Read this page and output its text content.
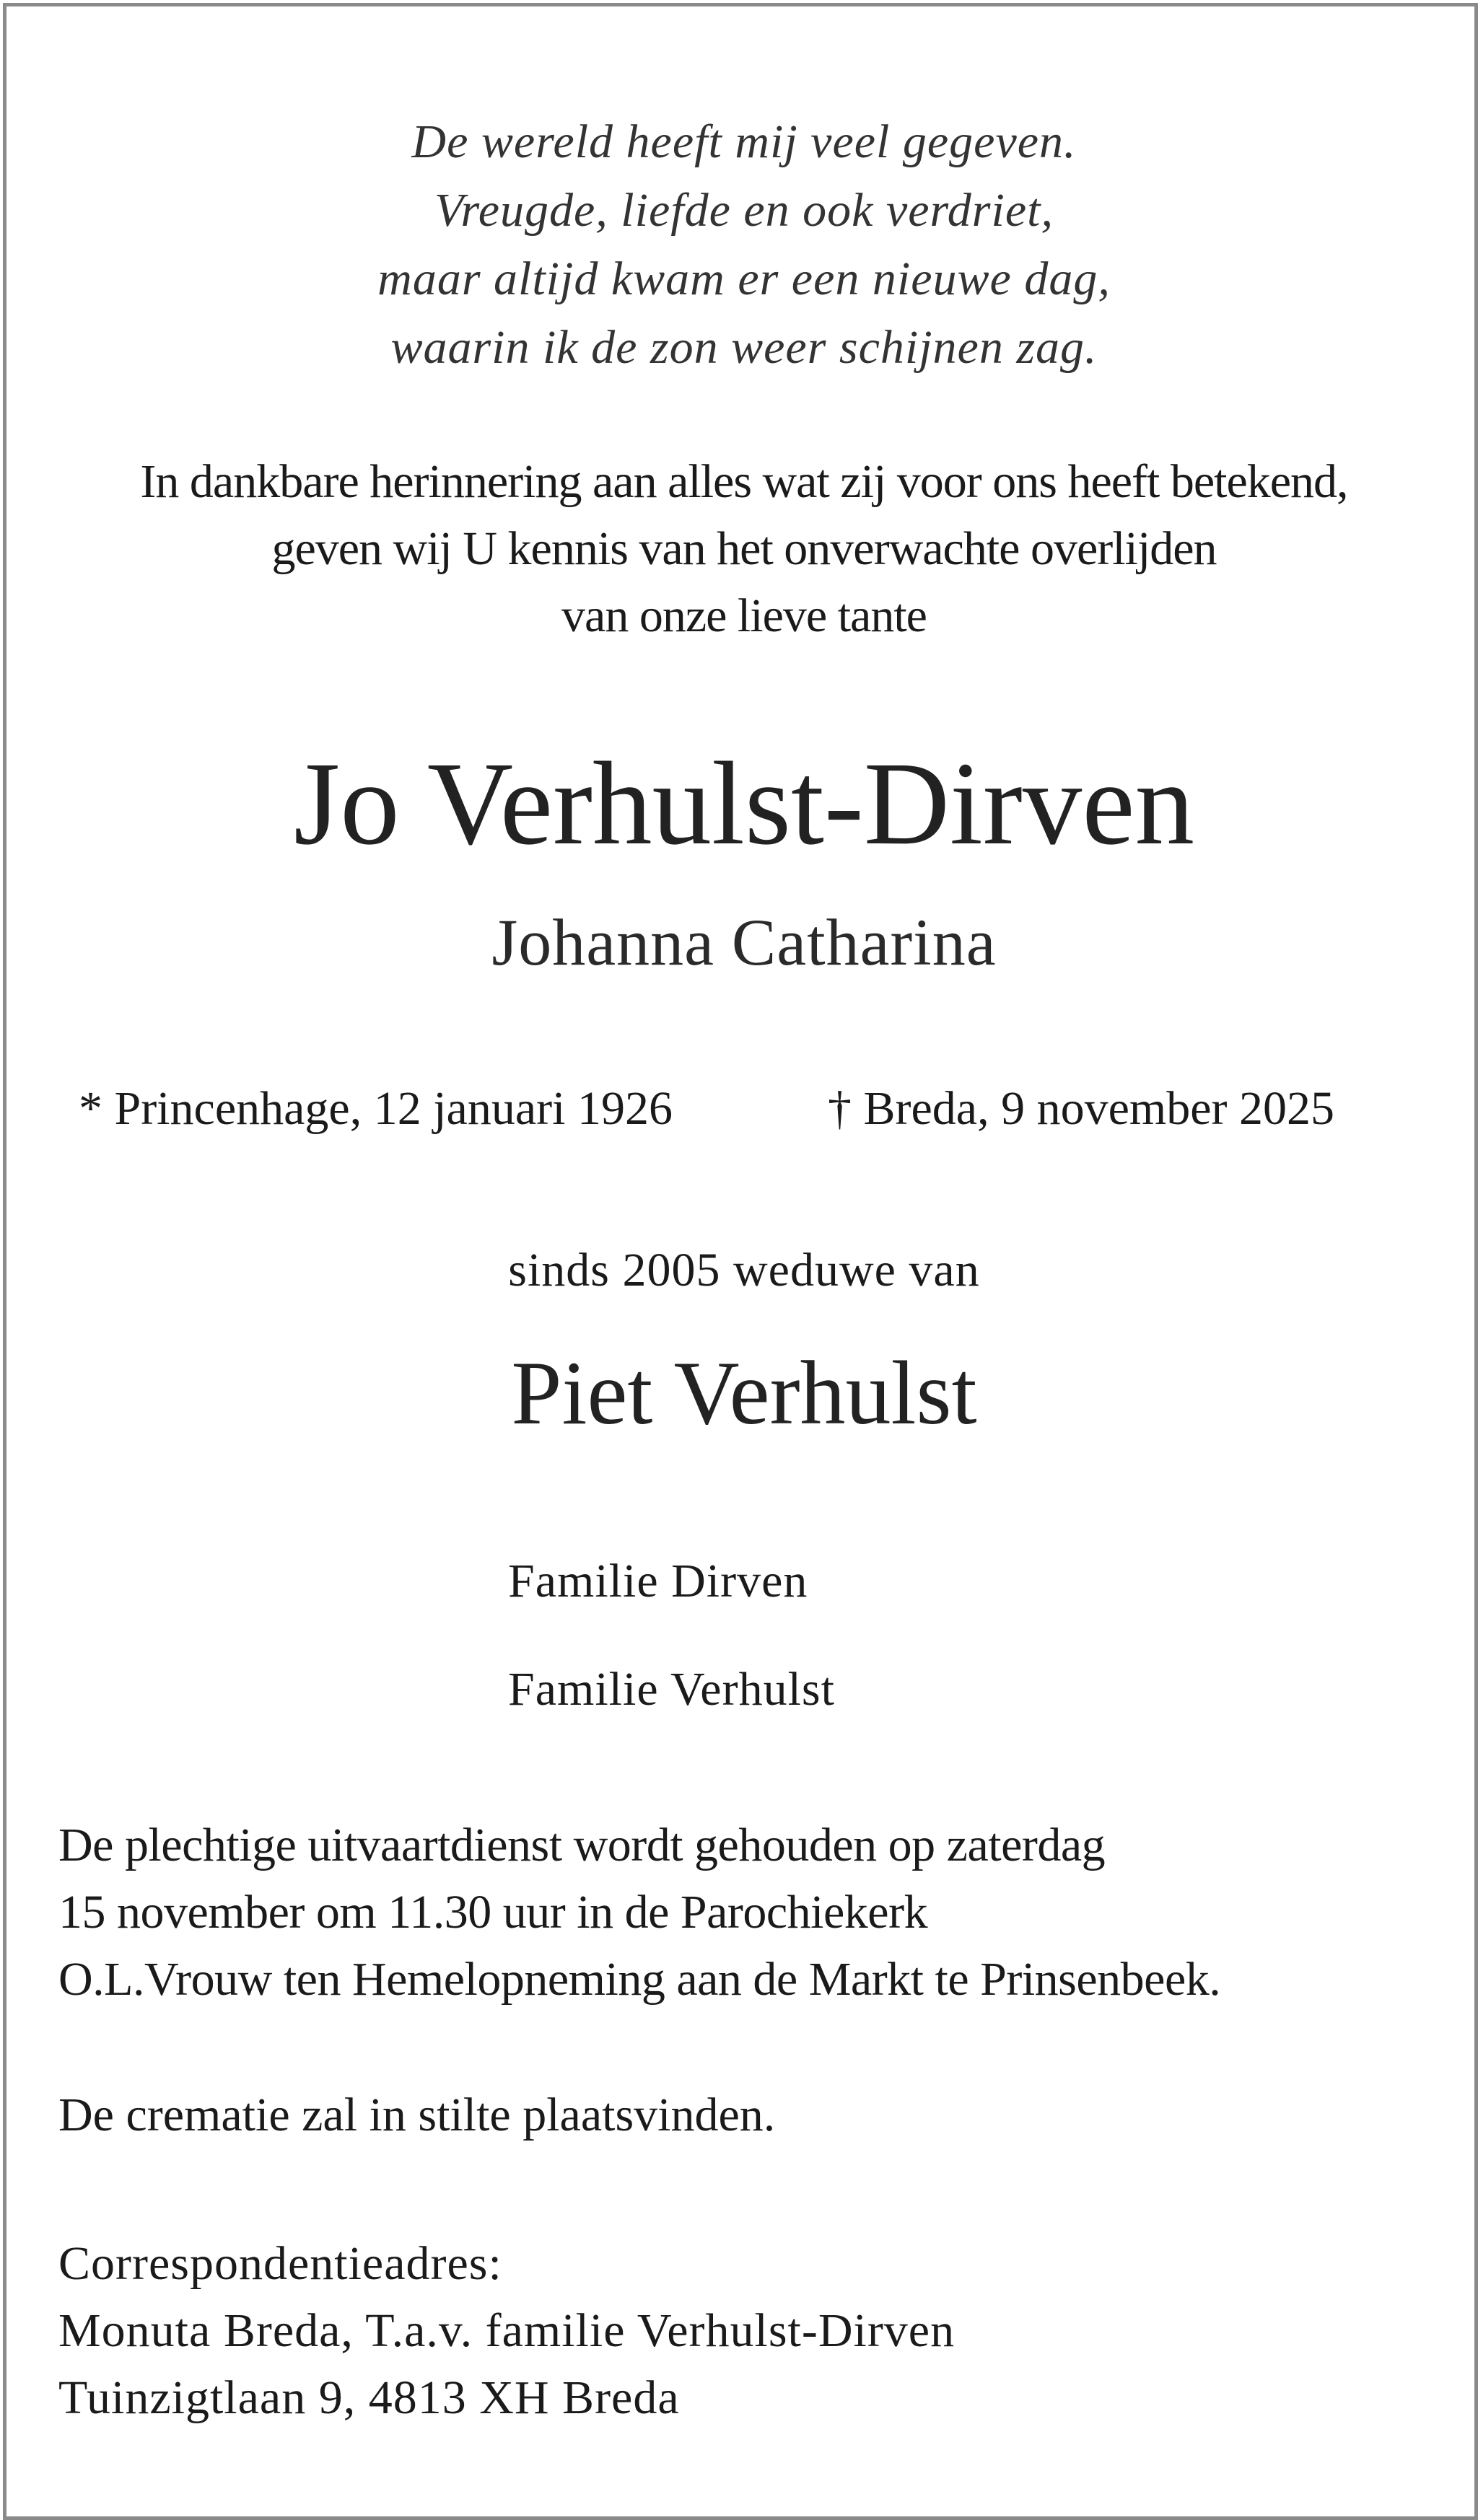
De wereld heeft mij veel gegeven.
Vreugde, liefde en ook verdriet,
maar altijd kwam er een nieuwe dag,
waarin ik de zon weer schijnen zag.
In dankbare herinnering aan alles wat zij voor ons heeft betekend,
geven wij U kennis van het onverwachte overlijden
van onze lieve tante
Jo Verhulst-Dirven
Johanna Catharina
* Princenhage, 12 januari 1926	† Breda, 9 november 2025
sinds 2005 weduwe van
Piet Verhulst
Familie Dirven
Familie Verhulst
De plechtige uitvaartdienst wordt gehouden op zaterdag
15 november om 11.30 uur in de Parochiekerk
O.L.Vrouw ten Hemelopneming aan de Markt te Prinsenbeek.
De crematie zal in stilte plaatsvinden.
Correspondentieadres:
Monuta Breda, T.a.v. familie Verhulst-Dirven
Tuinzigtlaan 9, 4813 XH Breda
